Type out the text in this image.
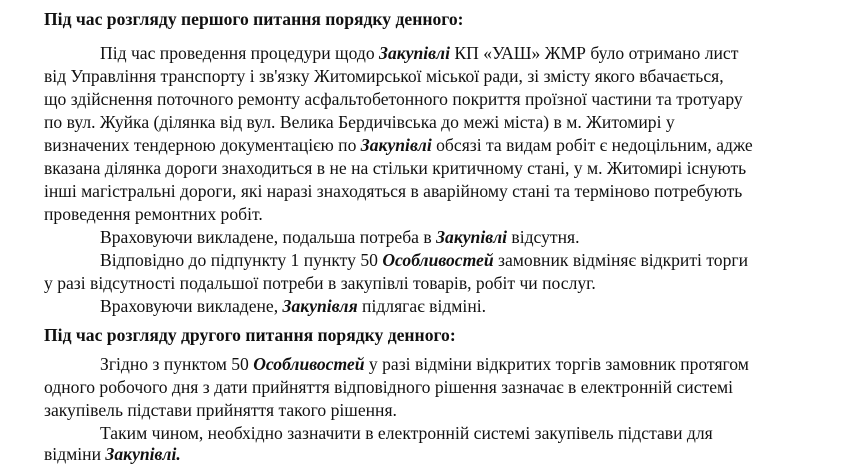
Під час розгляду першого питання порядку денного:
Під час проведення процедури щодо Закупівлі КП «УАШ» ЖМР було отримано лист
від Управління транспорту і зв'язку Житомирської міської ради, зі змісту якого вбачається,
що здійснення поточного ремонту асфальтобетонного покриття проїзної частини та тротуару
по вул. Жуйка (ділянка від вул. Велика Бердичівська до межі міста) в м. Житомирі у
визначених тендерною документацією по Закупівлі обсязі та видам робіт є недоцільним, адже
вказана ділянка дороги знаходиться в не на стільки критичному стані, у м. Житомирі існують
інші магістральні дороги, які наразі знаходяться в аварійному стані та терміново потребують
проведення ремонтних робіт.
Враховуючи викладене, подальша потреба в Закупівлі відсутня.
Відповідно до підпункту 1 пункту 50 Особливостей замовник відміняє відкриті торги
у разі відсутності подальшої потреби в закупівлі товарів, робіт чи послуг.
Враховуючи викладене, Закупівля підлягає відміні.
Під час розгляду другого питання порядку денного:
Згідно з пунктом 50 Особливостей у разі відміни відкритих торгів замовник протягом
одного робочого дня з дати прийняття відповідного рішення зазначає в електронній системі
закупівель підстави прийняття такого рішення.
Таким чином, необхідно зазначити в електронній системі закупівель підстави для
відміни Закупівлі.
